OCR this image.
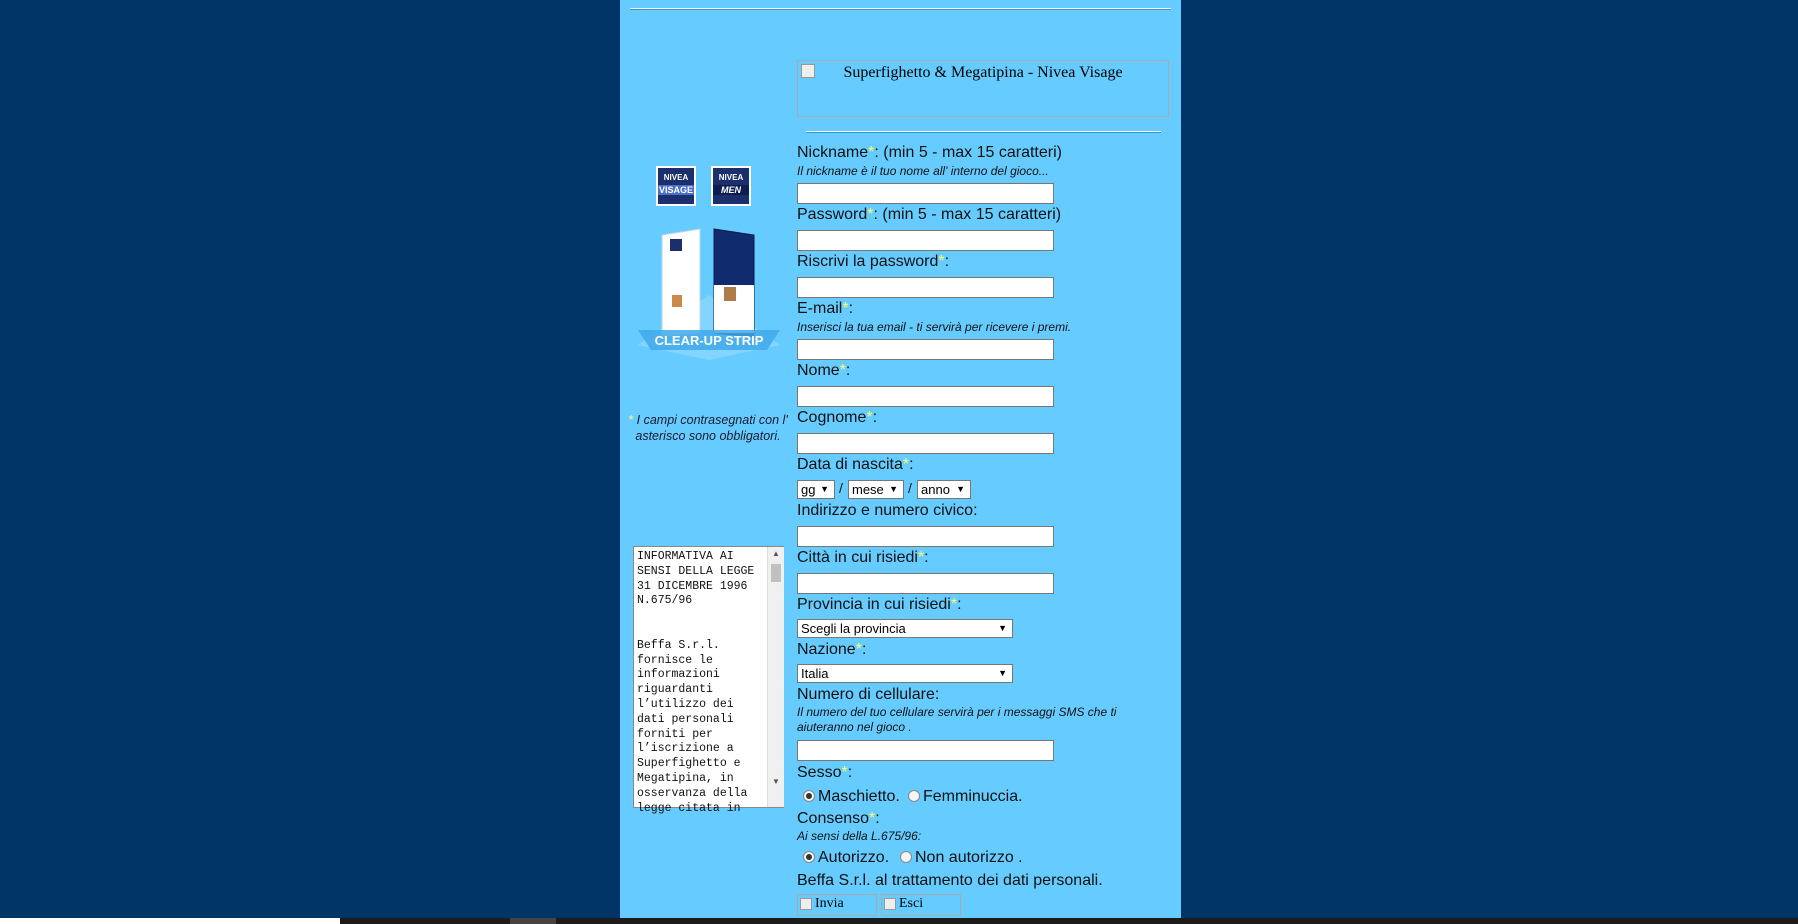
NIVEA
VISAGE
NIVEA
MEN
CLEAR-UP STRIP
* I campi contrasegnati con l' asterisco sono obbligatori.
INFORMATIVA AI
SENSI DELLA LEGGE
31 DICEMBRE 1996
N.675/96

Beffa S.r.l.
fornisce le
informazioni
riguardanti
l’utilizzo dei
dati personali
forniti per
l’iscrizione a
Superfighetto e
Megatipina, in
osservanza della
legge citata in
▲
▼
Superfighetto & Megatipina - Nivea Visage
Nickname*: (min 5 - max 15 caratteri)
Il nickname è il tuo nome all' interno del gioco...
Password*: (min 5 - max 15 caratteri)
Riscrivi la password*:
E-mail*:
Inserisci la tua email - ti servirà per ricevere i premi.
Nome*:
Cognome*:
Data di nascita*:
gg ▼ / mese ▼ / anno ▼
Indirizzo e numero civico:
Città in cui risiedi*:
Provincia in cui risiedi*:
Scegli la provincia	▼
Nazione*:
Italia	▼
Numero di cellulare:
Il numero del tuo cellulare servirà per i messaggi SMS che ti aiuteranno nel gioco .
Sesso*:
Maschietto. Femminuccia.
Consenso*:
Ai sensi della L.675/96:
Autorizzo. Non autorizzo .
Beffa S.r.l. al trattamento dei dati personali.
Invia	Esci
